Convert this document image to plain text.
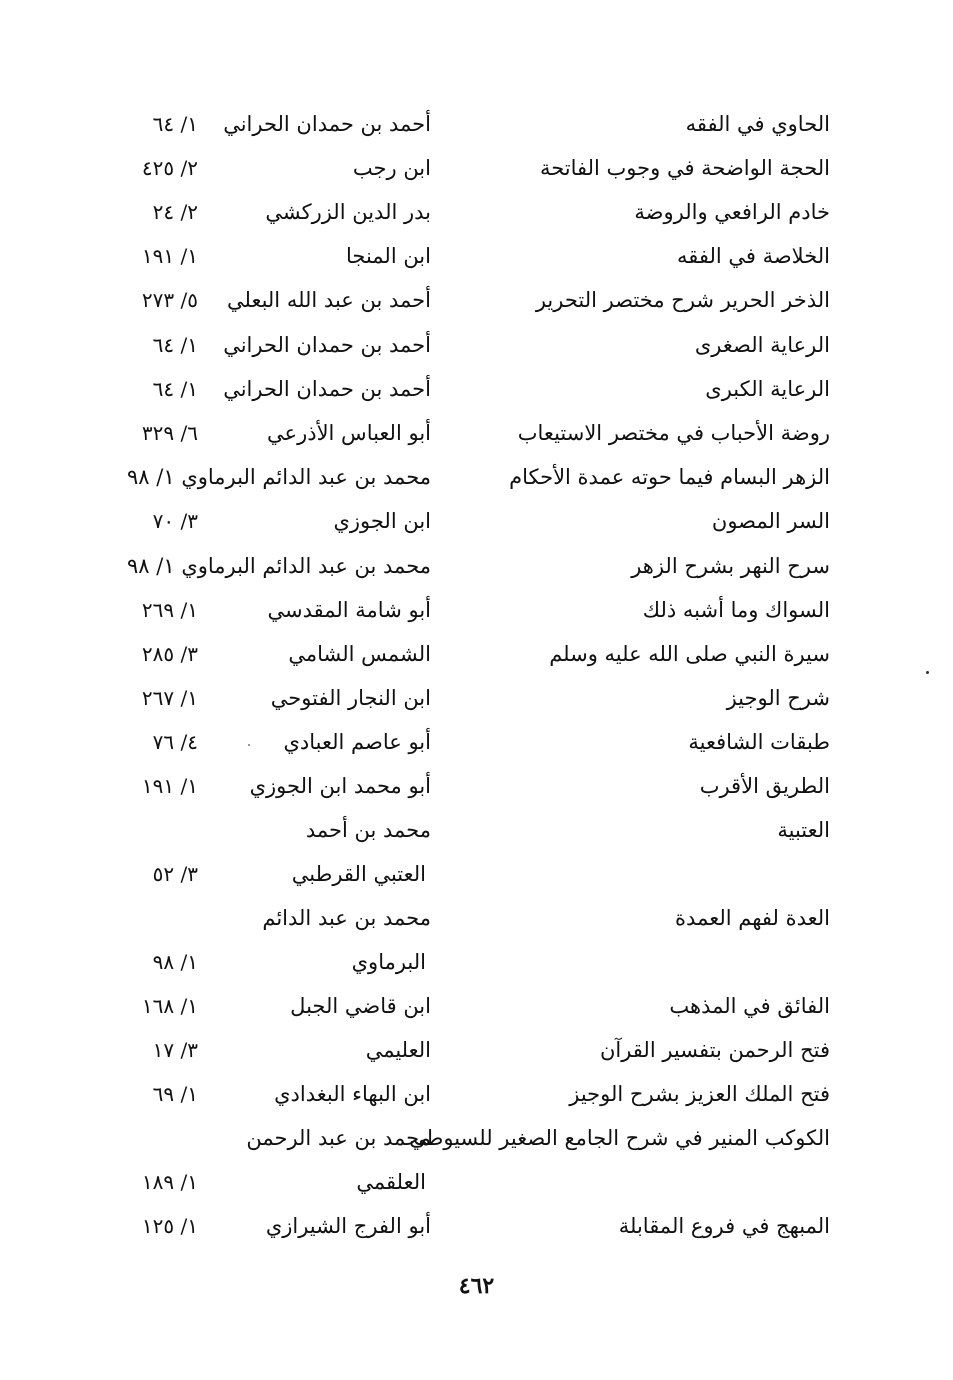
الحاوي في الفقه
أحمد بن حمدان الحراني
١/ ٦٤
الحجة الواضحة في وجوب الفاتحة
ابن رجب
٢/ ٤٢٥
خادم الرافعي والروضة
بدر الدين الزركشي
٢/ ٢٤
الخلاصة في الفقه
ابن المنجا
١/ ١٩١
الذخر الحرير شرح مختصر التحرير
أحمد بن عبد الله البعلي
٥/ ٢٧٣
الرعاية الصغرى
أحمد بن حمدان الحراني
١/ ٦٤
الرعاية الكبرى
أحمد بن حمدان الحراني
١/ ٦٤
روضة الأحباب في مختصر الاستيعاب
أبو العباس الأذرعي
٦/ ٣٢٩
الزهر البسام فيما حوته عمدة الأحكام
محمد بن عبد الدائم البرماوي ١/ ٩٨
السر المصون
ابن الجوزي
٣/ ٧٠
سرح النهر بشرح الزهر
محمد بن عبد الدائم البرماوي ١/ ٩٨
السواك وما أشبه ذلك
أبو شامة المقدسي
١/ ٢٦٩
سيرة النبي صلى الله عليه وسلم
الشمس الشامي
٣/ ٢٨٥
شرح الوجيز
ابن النجار الفتوحي
١/ ٢٦٧
طبقات الشافعية
أبو عاصم العبادي
٤/ ٧٦
الطريق الأقرب
أبو محمد ابن الجوزي
١/ ١٩١
العتبية
محمد بن أحمد
العتبي القرطبي
٣/ ٥٢
العدة لفهم العمدة
محمد بن عبد الدائم
البرماوي
١/ ٩٨
الفائق في المذهب
ابن قاضي الجبل
١/ ١٦٨
فتح الرحمن بتفسير القرآن
العليمي
٣/ ١٧
فتح الملك العزيز بشرح الوجيز
ابن البهاء البغدادي
١/ ٦٩
الكوكب المنير في شرح الجامع الصغير للسيوطي
محمد بن عبد الرحمن
العلقمي
١/ ١٨٩
المبهج في فروع المقابلة
أبو الفرج الشيرازي
١/ ١٢٥
٤٦٢
